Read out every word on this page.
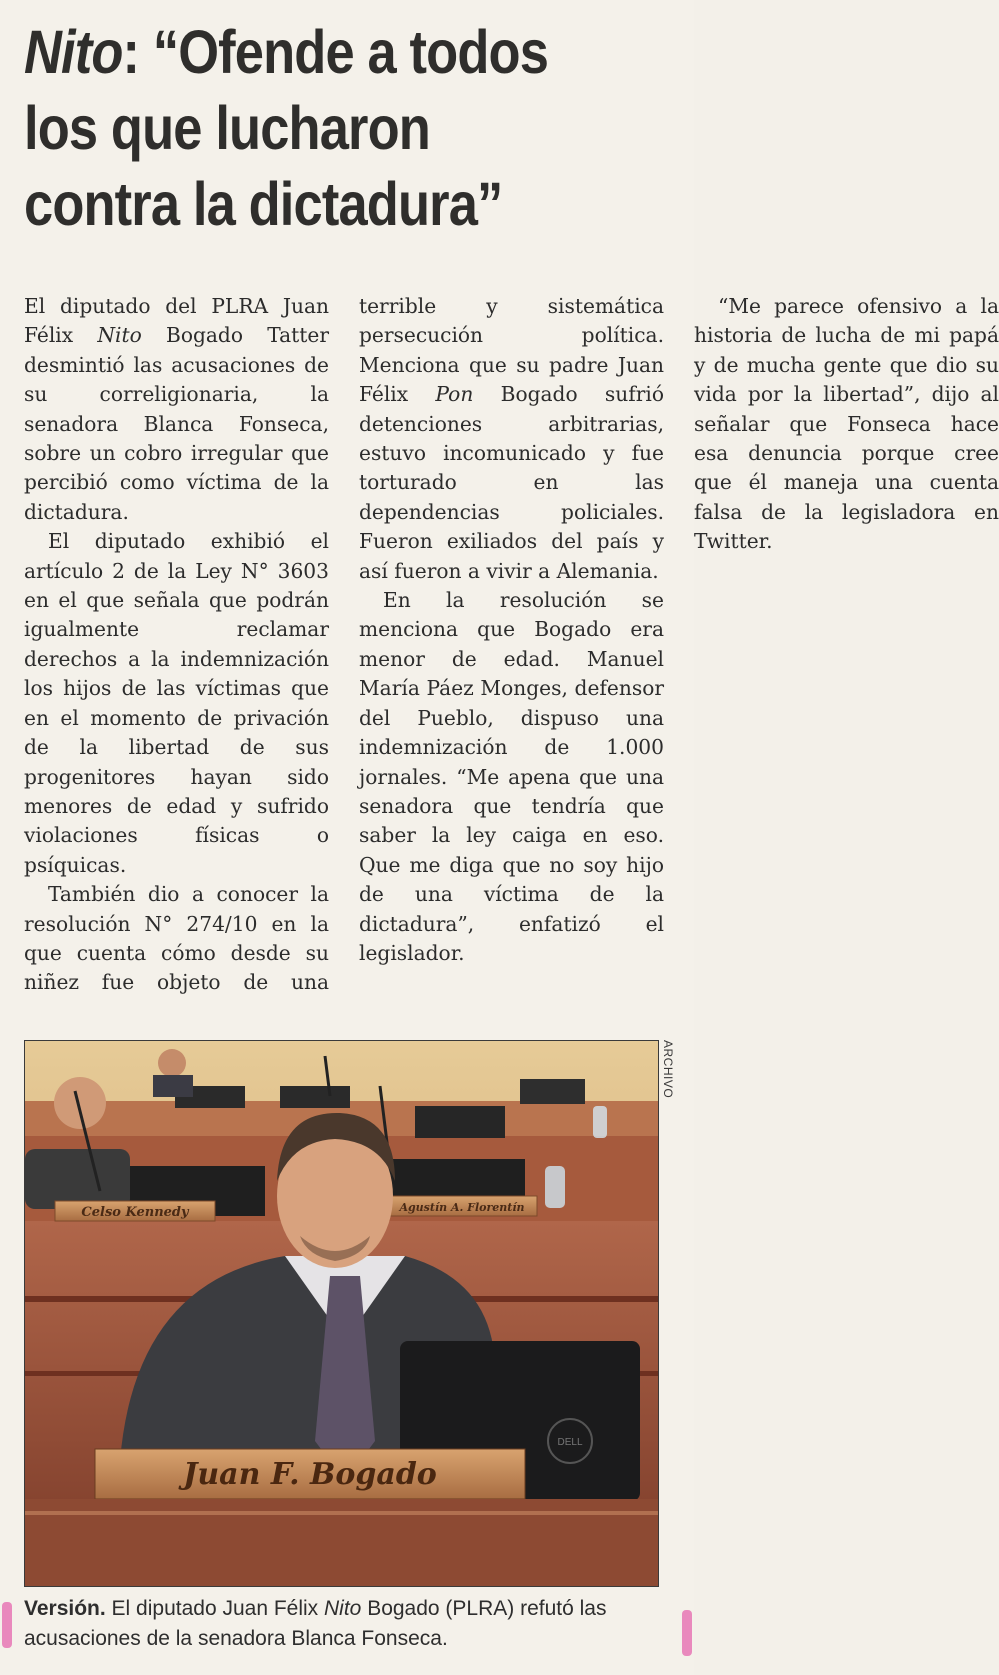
Nito: “Ofende a todos
los que lucharon
contra la dictadura”

El diputado del PLRA Juan Félix Nito Bogado Tatter desmintió las acusaciones de su correligionaria, la senadora Blanca Fonseca, sobre un cobro irregular que percibió como víctima de la dictadura.

El diputado exhibió el artículo 2 de la Ley N° 3603 en el que señala que podrán igualmente reclamar derechos a la indemnización los hijos de las víctimas que en el momento de privación de la libertad de sus progenitores hayan sido menores de edad y sufrido violaciones físicas o psíquicas.

También dio a conocer la resolución N° 274/10 en la que cuenta cómo desde su niñez fue objeto de una terrible y sistemática persecución política. Menciona que su padre Juan Félix Pon Bogado sufrió detenciones arbitrarias, estuvo incomunicado y fue torturado en las dependencias policiales. Fueron exiliados del país y así fueron a vivir a Alemania.

En la resolución se menciona que Bogado era menor de edad. Manuel María Páez Monges, defensor del Pueblo, dispuso una indemnización de 1.000 jornales. “Me apena que una senadora que tendría que saber la ley caiga en eso. Que me diga que no soy hijo de una víctima de la dictadura”, enfatizó el legislador.

“Me parece ofensivo a la historia de lucha de mi papá y de mucha gente que dio su vida por la libertad”, dijo al señalar que Fonseca hace esa denuncia porque cree que él maneja una cuenta falsa de la legisladora en Twitter.

ARCHIVO
Celso Kennedy	Agustín A. Florentín
DELL
Juan F. Bogado
Versión. El diputado Juan Félix Nito Bogado (PLRA) refutó las acusaciones de la senadora Blanca Fonseca.
